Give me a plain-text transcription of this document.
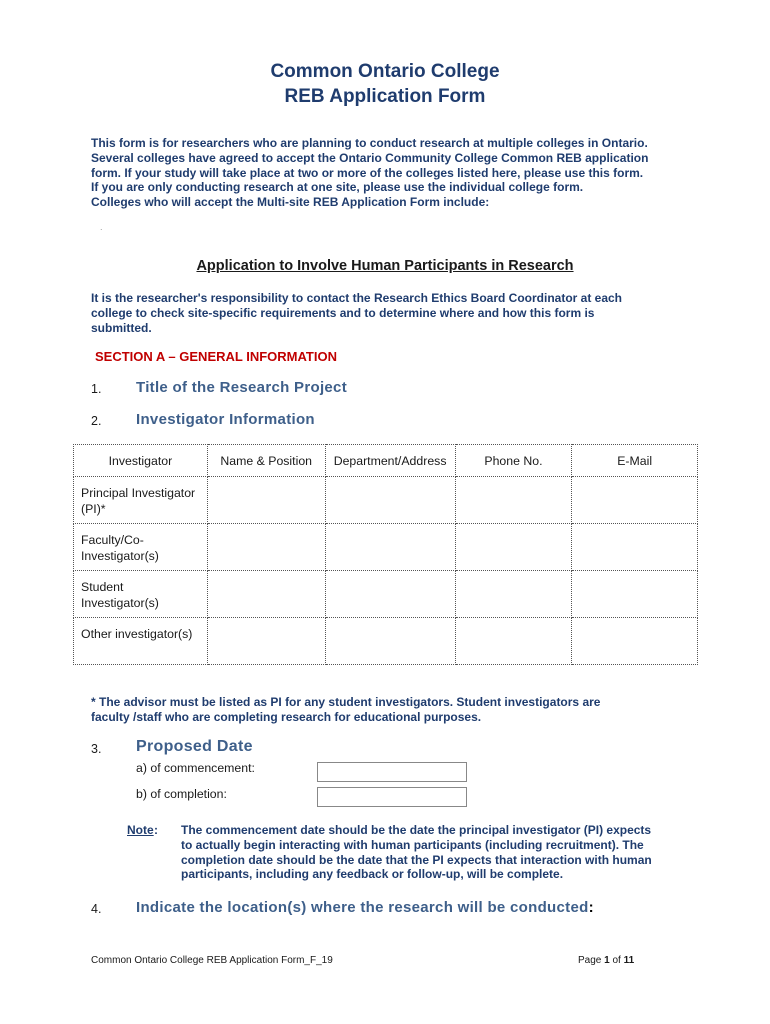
Common Ontario College
REB Application Form
This form is for researchers who are planning to conduct research at multiple colleges in Ontario.
Several colleges have agreed to accept the Ontario Community College Common REB application
form. If your study will take place at two or more of the colleges listed here, please use this form.
If you are only conducting research at one site, please use the individual college form.
Colleges who will accept the Multi-site REB Application Form include:
.
Application to Involve Human Participants in Research
It is the researcher's responsibility to contact the Research Ethics Board Coordinator at each
college to check site-specific requirements and to determine where and how this form is
submitted.
SECTION A – GENERAL INFORMATION
1. Title of the Research Project
2. Investigator Information
Investigator	Name & Position	Department/Address	Phone No.	E-Mail
Principal Investigator (PI)*				
Faculty/Co-Investigator(s)				
Student Investigator(s)				
Other investigator(s)				
* The advisor must be listed as PI for any student investigators. Student investigators are
faculty /staff who are completing research for educational purposes.
3. Proposed Date
a) of commencement:
b) of completion:
Note : The commencement date should be the date the principal investigator (PI) expects
to actually begin interacting with human participants (including recruitment). The
completion date should be the date that the PI expects that interaction with human
participants, including any feedback or follow-up, will be complete.
4. Indicate the location(s) where the research will be conducted:
Common Ontario College REB Application Form_F_19	Page 1 of 11
